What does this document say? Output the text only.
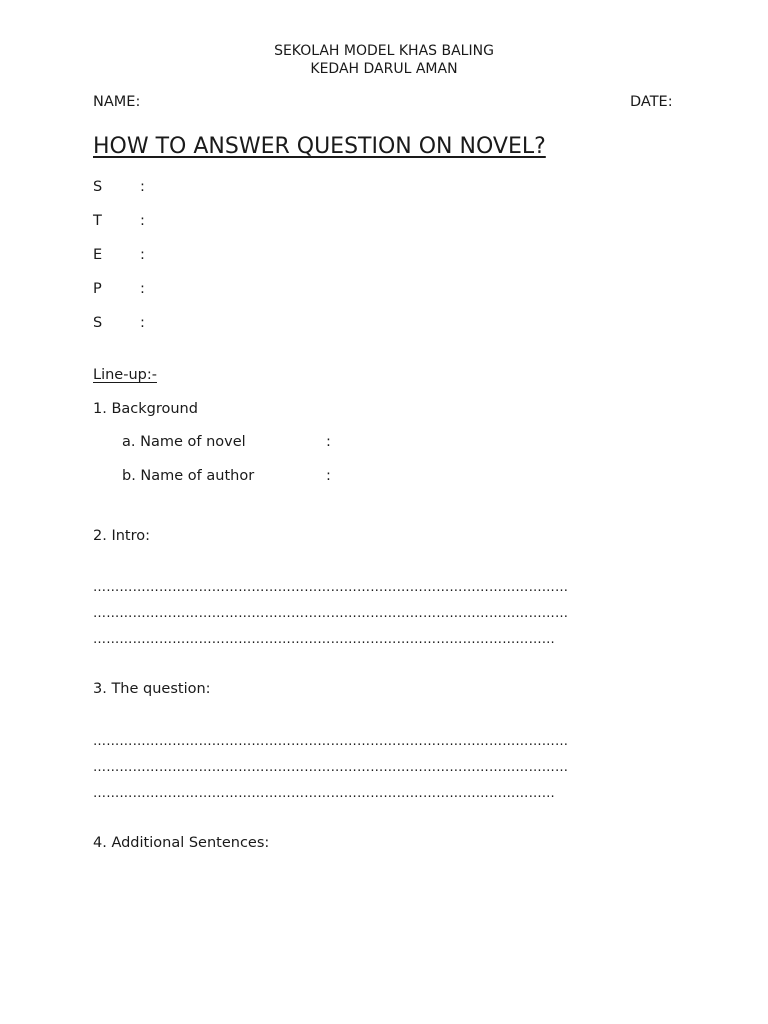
SEKOLAH MODEL KHAS BALING
KEDAH DARUL AMAN
NAME:	DATE:
HOW TO ANSWER QUESTION ON NOVEL?
S	:
T	:
E	:
P	:
S	:
Line-up:-
1. Background
a. Name of novel	:
b. Name of author	:
2. Intro:
………………………………………………………………………………………………
………………………………………………………………………………………………
……………………………………………………………………………………………
3. The question:
………………………………………………………………………………………………
………………………………………………………………………………………………
……………………………………………………………………………………………
4. Additional Sentences:
